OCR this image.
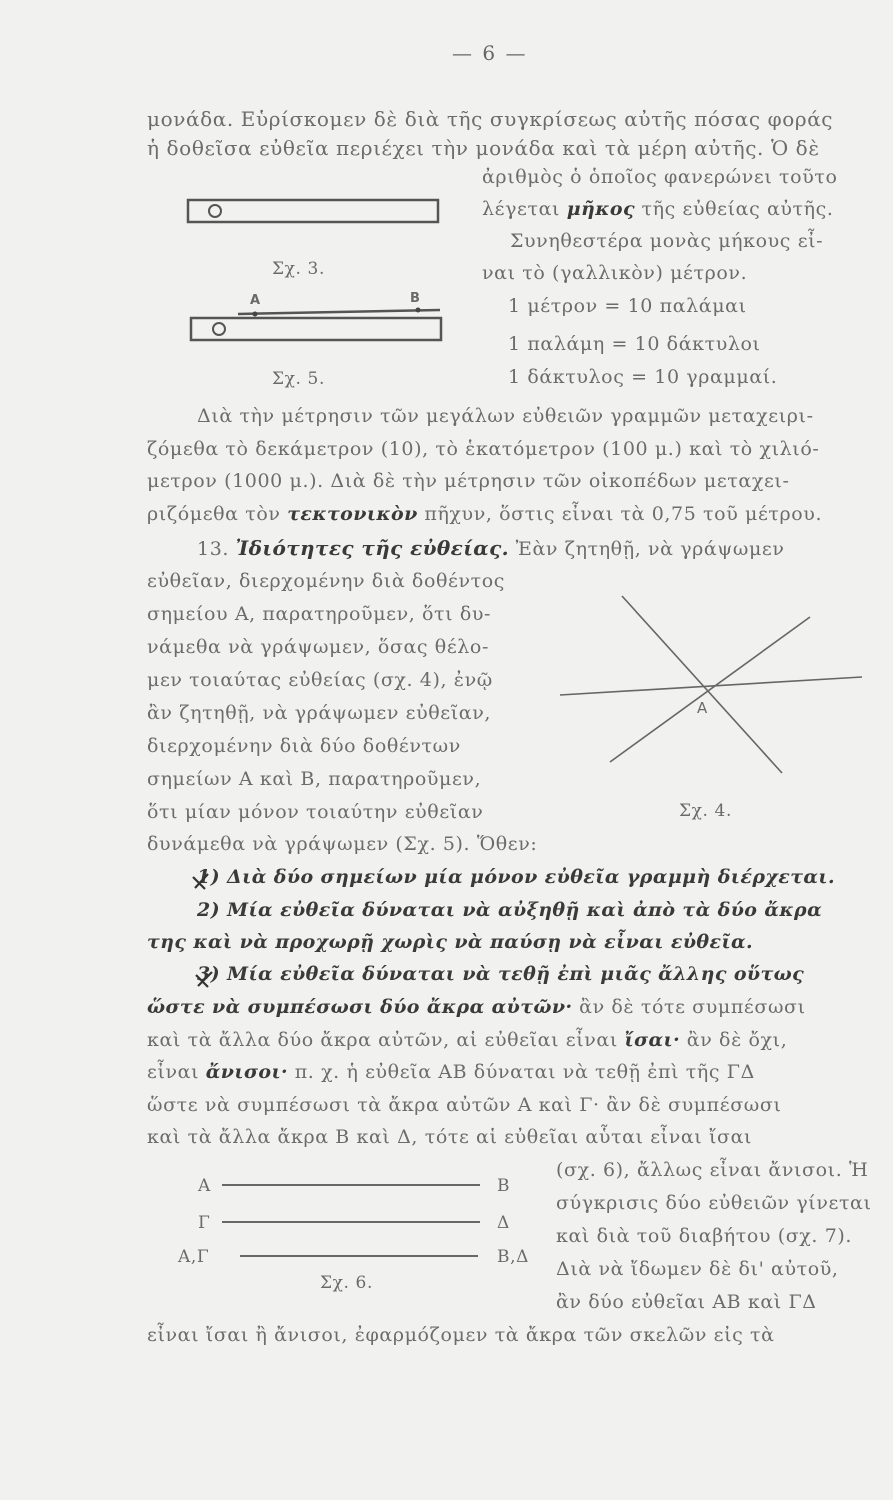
— 6 —
μονάδα. Εὑρίσκομεν δὲ διὰ τῆς συγκρίσεως αὐτῆς πόσας φοράς
ἡ δοθεῖσα εὐθεῖα περιέχει τὴν μονάδα καὶ τὰ μέρη αὐτῆς. Ὁ δὲ
ἀριθμὸς ὁ ὁποῖος φανερώνει τοῦτο
λέγεται μῆκος τῆς εὐθείας αὐτῆς.
Συνηθεστέρα μονὰς μήκους εἶ-
ναι τὸ (γαλλικὸν) μέτρον.
1 μέτρον = 10 παλάμαι
1 παλάμη = 10 δάκτυλοι
1 δάκτυλος = 10 γραμμαί.
Διὰ τὴν μέτρησιν τῶν μεγάλων εὐθειῶν γραμμῶν μεταχειρι-
ζόμεθα τὸ δεκάμετρον (10), τὸ ἑκατόμετρον (100 μ.) καὶ τὸ χιλιό-
μετρον (1000 μ.). Διὰ δὲ τὴν μέτρησιν τῶν οἰκοπέδων μεταχει-
ριζόμεθα τὸν τεκτονικὸν πῆχυν, ὅστις εἶναι τὰ 0,75 τοῦ μέτρου.
13. Ἰδιότητες τῆς εὐθείας. Ἐὰν ζητηθῇ, νὰ γράψωμεν
εὐθεῖαν, διερχομένην διὰ δοθέντος
σημείου Α, παρατηροῦμεν, ὅτι δυ-
νάμεθα νὰ γράψωμεν, ὅσας θέλο-
μεν τοιαύτας εὐθείας (σχ. 4), ἐνῷ
ἂν ζητηθῇ, νὰ γράψωμεν εὐθεῖαν,
διερχομένην διὰ δύο δοθέντων
σημείων Α καὶ Β, παρατηροῦμεν,
ὅτι μίαν μόνον τοιαύτην εὐθεῖαν
δυνάμεθα νὰ γράψωμεν (Σχ. 5). Ὅθεν:
1) Διὰ δύο σημείων μία μόνον εὐθεῖα γραμμὴ διέρχεται.
2) Μία εὐθεῖα δύναται νὰ αὐξηθῇ καὶ ἀπὸ τὰ δύο ἄκρα
της καὶ νὰ προχωρῇ χωρὶς νὰ παύσῃ νὰ εἶναι εὐθεῖα.
3) Μία εὐθεῖα δύναται νὰ τεθῇ ἐπὶ μιᾶς ἄλλης οὕτως
ὥστε νὰ συμπέσωσι δύο ἄκρα αὐτῶν· ἂν δὲ τότε συμπέσωσι
καὶ τὰ ἄλλα δύο ἄκρα αὐτῶν, αἱ εὐθεῖαι εἶναι ἴσαι· ἂν δὲ ὄχι,
εἶναι ἄνισοι· π. χ. ἡ εὐθεῖα ΑΒ δύναται νὰ τεθῇ ἐπὶ τῆς ΓΔ
ὥστε νὰ συμπέσωσι τὰ ἄκρα αὐτῶν Α καὶ Γ· ἂν δὲ συμπέσωσι
καὶ τὰ ἄλλα ἄκρα Β καὶ Δ, τότε αἱ εὐθεῖαι αὗται εἶναι ἴσαι
(σχ. 6), ἄλλως εἶναι ἄνισοι. Ἡ
σύγκρισις δύο εὐθειῶν γίνεται
καὶ διὰ τοῦ διαβήτου (σχ. 7).
Διὰ νὰ ἴδωμεν δὲ δι' αὐτοῦ,
ἂν δύο εὐθεῖαι ΑΒ καὶ ΓΔ
εἶναι ἴσαι ἢ ἄνισοι, ἐφαρμόζομεν τὰ ἄκρα τῶν σκελῶν εἰς τὰ
Σχ. 3.
Σχ. 5.
A	B
A
Σχ. 4.
Α
Γ
Α,Γ
Β
Δ
Β,Δ
Σχ. 6.
